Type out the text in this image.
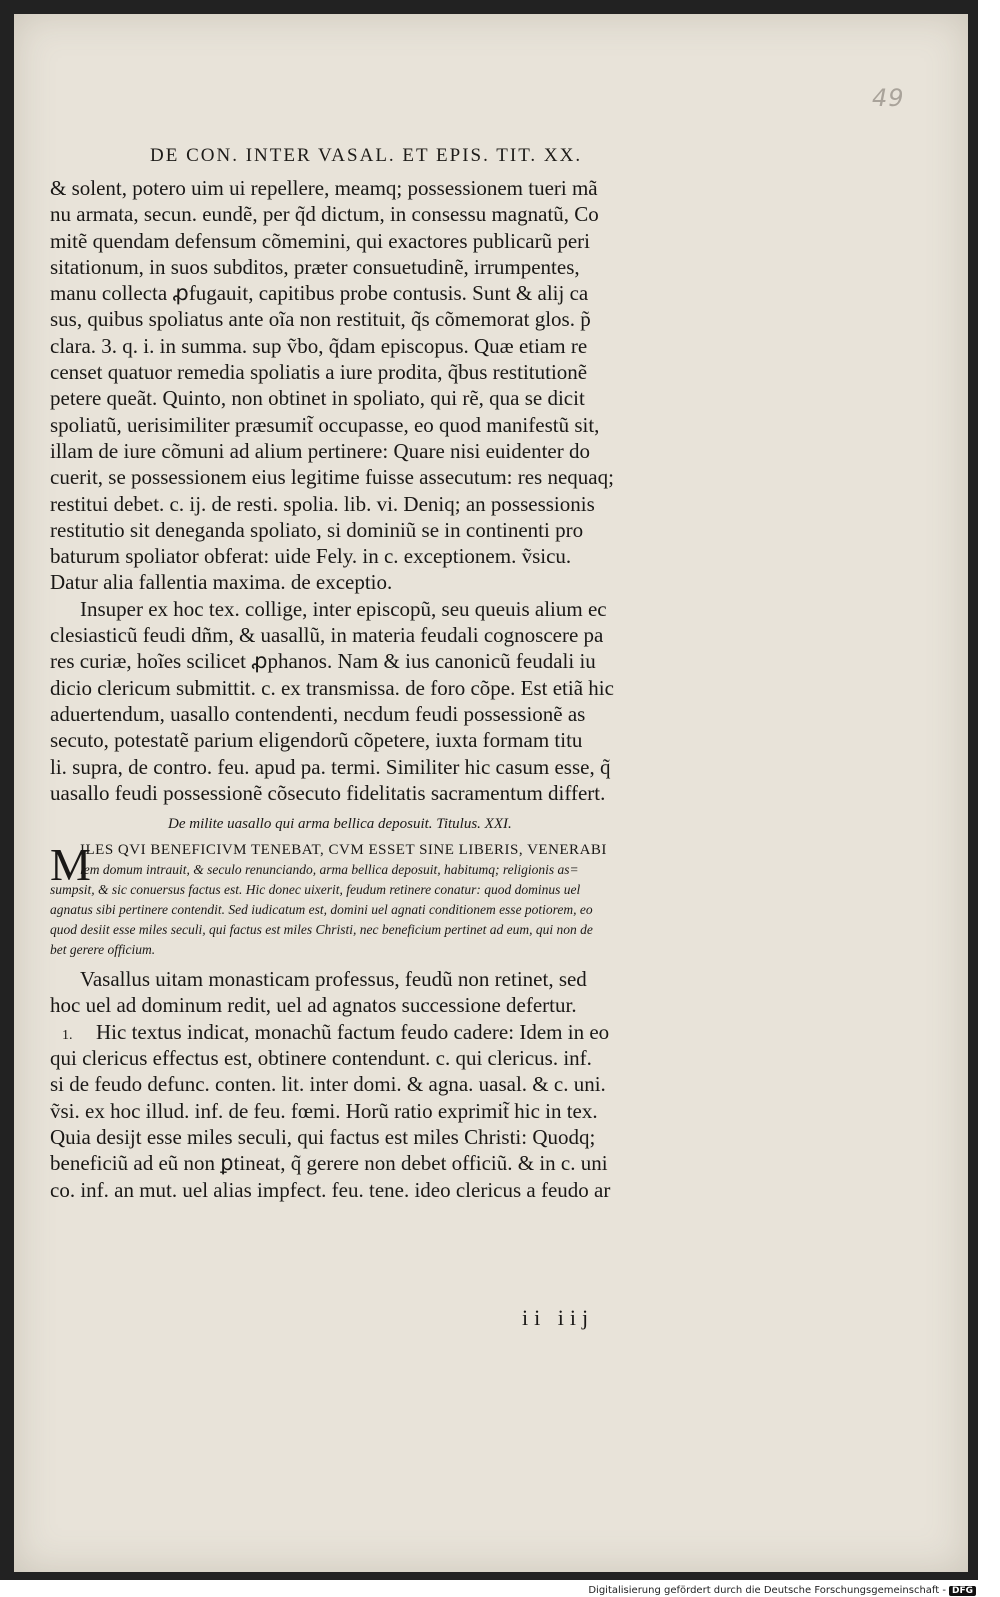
49
DE CON. INTER VASAL. ET EPIS. TIT. XX.
& solent, potero uim ui repellere, meamq; possessionem tueri mã
nu armata, secun. eundẽ, per q̃d dictum, in consessu magnatũ, Co
mitẽ quendam defensum cõmemini, qui exactores publicarũ peri
sitationum, in suos subditos, præter consuetudinẽ, irrumpentes,
manu collecta ꝓfugauit, capitibus probe contusis. Sunt & alij ca
sus, quibus spoliatus ante oĩa non restituit, q̃s cõmemorat glos. p̃
clara. 3. q. i. in summa. sup ṽbo, q̃dam episcopus. Quæ etiam re
censet quatuor remedia spoliatis a iure prodita, q̃bus restitutionẽ
petere queãt. Quinto, non obtinet in spoliato, qui rẽ, qua se dicit
spoliatũ, uerisimiliter præsumit̃ occupasse, eo quod manifestũ sit,
illam de iure cõmuni ad alium pertinere: Quare nisi euidenter do
cuerit, se possessionem eius legitime fuisse assecutum: res nequaq;
restitui debet. c. ij. de resti. spolia. lib. vi. Deniq; an possessionis
restitutio sit deneganda spoliato, si dominiũ se in continenti pro
baturum spoliator obferat: uide Fely. in c. exceptionem. ṽsicu.
Datur alia fallentia maxima. de exceptio.
Insuper ex hoc tex. collige, inter episcopũ, seu queuis alium ec
clesiasticũ feudi dñm, & uasallũ, in materia feudali cognoscere pa
res curiæ, hoĩes scilicet ꝓphanos. Nam & ius canonicũ feudali iu
dicio clericum submittit. c. ex transmissa. de foro cõpe. Est etiã hic
aduertendum, uasallo contendenti, necdum feudi possessionẽ as
secuto, potestatẽ parium eligendorũ cõpetere, iuxta formam titu
li. supra, de contro. feu. apud pa. termi. Similiter hic casum esse, q̃
uasallo feudi possessionẽ cõsecuto fidelitatis sacramentum differt.
De milite uasallo qui arma bellica deposuit. Titulus. XXI.
M
ILES QVI BENEFICIVM TENEBAT, CVM ESSET SINE LIBERIS, VENERABI
lem domum intrauit, & seculo renunciando, arma bellica deposuit, habitumq; religionis as=
sumpsit, & sic conuersus factus est. Hic donec uixerit, feudum retinere conatur: quod dominus uel
agnatus sibi pertinere contendit. Sed iudicatum est, domini uel agnati conditionem esse potiorem, eo
quod desiit esse miles seculi, qui factus est miles Christi, nec beneficium pertinet ad eum, qui non de
bet gerere officium.
Vasallus uitam monasticam professus, feudũ non retinet, sed
hoc uel ad dominum redit, uel ad agnatos successione defertur.
1. Hic textus indicat, monachũ factum feudo cadere: Idem in eo
qui clericus effectus est, obtinere contendunt. c. qui clericus. inf.
si de feudo defunc. conten. lit. inter domi. & agna. uasal. & c. uni.
ṽsi. ex hoc illud. inf. de feu. fœmi. Horũ ratio exprimit̃ hic in tex.
Quia desijt esse miles seculi, qui factus est miles Christi: Quodq;
beneficiũ ad eũ non ꝑtineat, q̃ gerere non debet officiũ. & in c. uni
co. inf. an mut. uel alias impfect. feu. tene. ideo clericus a feudo ar
ii iij
Digitalisierung gefördert durch die Deutsche Forschungsgemeinschaft - DFG
